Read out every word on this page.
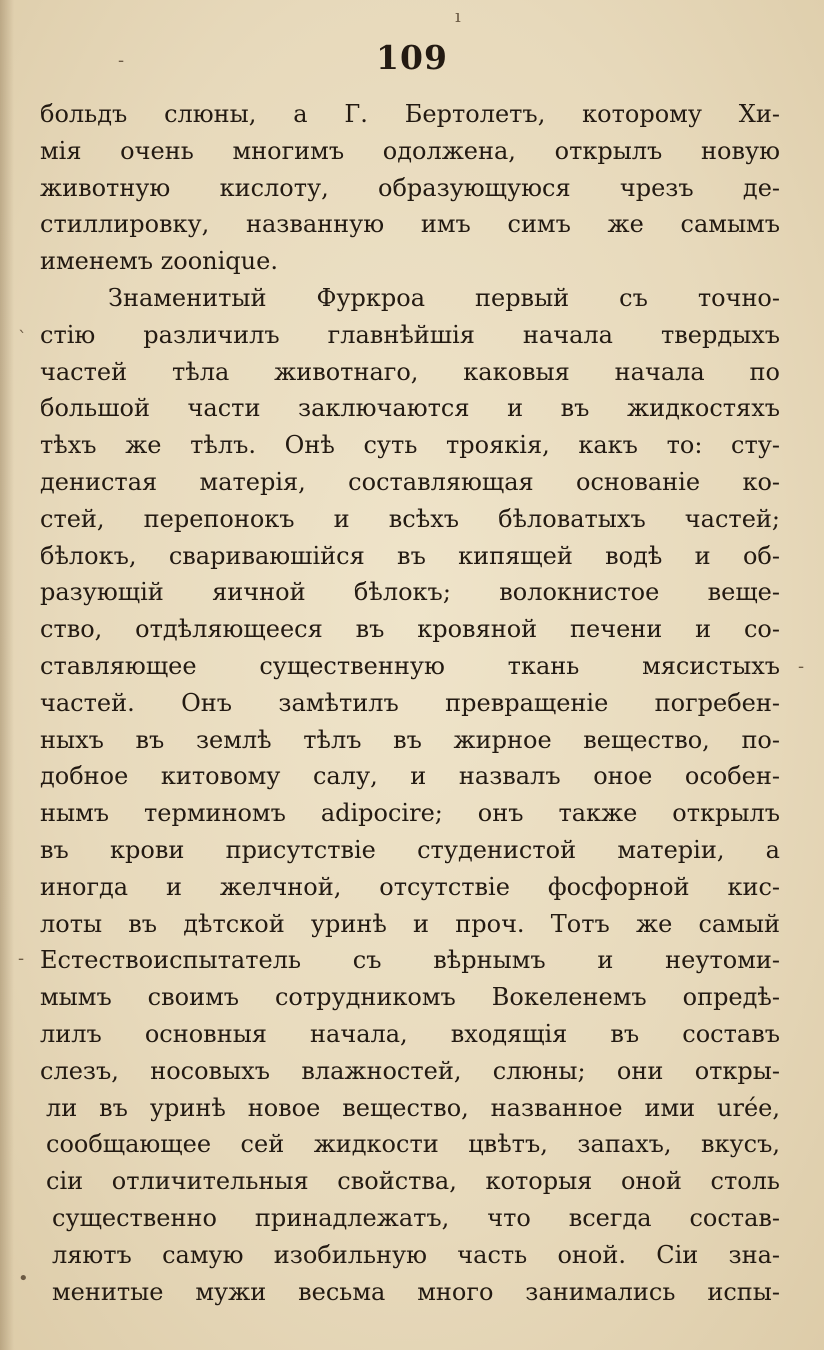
109
больдъ слюны, а Г. Бертолетъ, которому Хи-
мія очень многимъ одолжена, открылъ новую
животную кислоту, образующуюся чрезъ де-
стиллировку, названную имъ симъ же самымъ
именемъ zoonique.
Знаменитый Фуркроа первый съ точно-
стію различилъ главнѣйшія начала твердыхъ
частей тѣла животнаго, каковыя начала по
большой части заключаются и въ жидкостяхъ
тѣхъ же тѣлъ. Онѣ суть троякія, какъ то: сту-
денистая матерія, составляющая основаніе ко-
стей, перепонокъ и всѣхъ бѣловатыхъ частей;
бѣлокъ, свариваюшійся въ кипящей водѣ и об-
разующій яичной бѣлокъ; волокнистое веще-
ство, отдѣляющееся въ кровяной печени и со-
ставляющее существенную ткань мясистыхъ
частей. Онъ замѣтилъ превращеніе погребен-
ныхъ въ землѣ тѣлъ въ жирное вещество, по-
добное китовому салу, и назвалъ оное особен-
нымъ терминомъ adipocire; онъ также открылъ
въ крови присутствіе студенистой матеріи, а
иногда и желчной, отсутствіе фосфорной кис-
лоты въ дѣтской уринѣ и проч. Тотъ же самый
Естествоиспытатель съ вѣрнымъ и неутоми-
мымъ своимъ сотрудникомъ Вокеленемъ опредѣ-
лилъ основныя начала, входящія въ составъ
слезъ, носовыхъ влажностей, слюны; они откры-
ли въ уринѣ новое вещество, названное ими urée,
сообщающее сей жидкости цвѣтъ, запахъ, вкусъ,
сіи отличительныя свойства, которыя оной столь
существенно принадлежатъ, что всегда состав-
ляютъ самую изобильную часть оной. Сіи зна-
менитые мужи весьма много занимались испы-
ı
-
`
-
•
-
